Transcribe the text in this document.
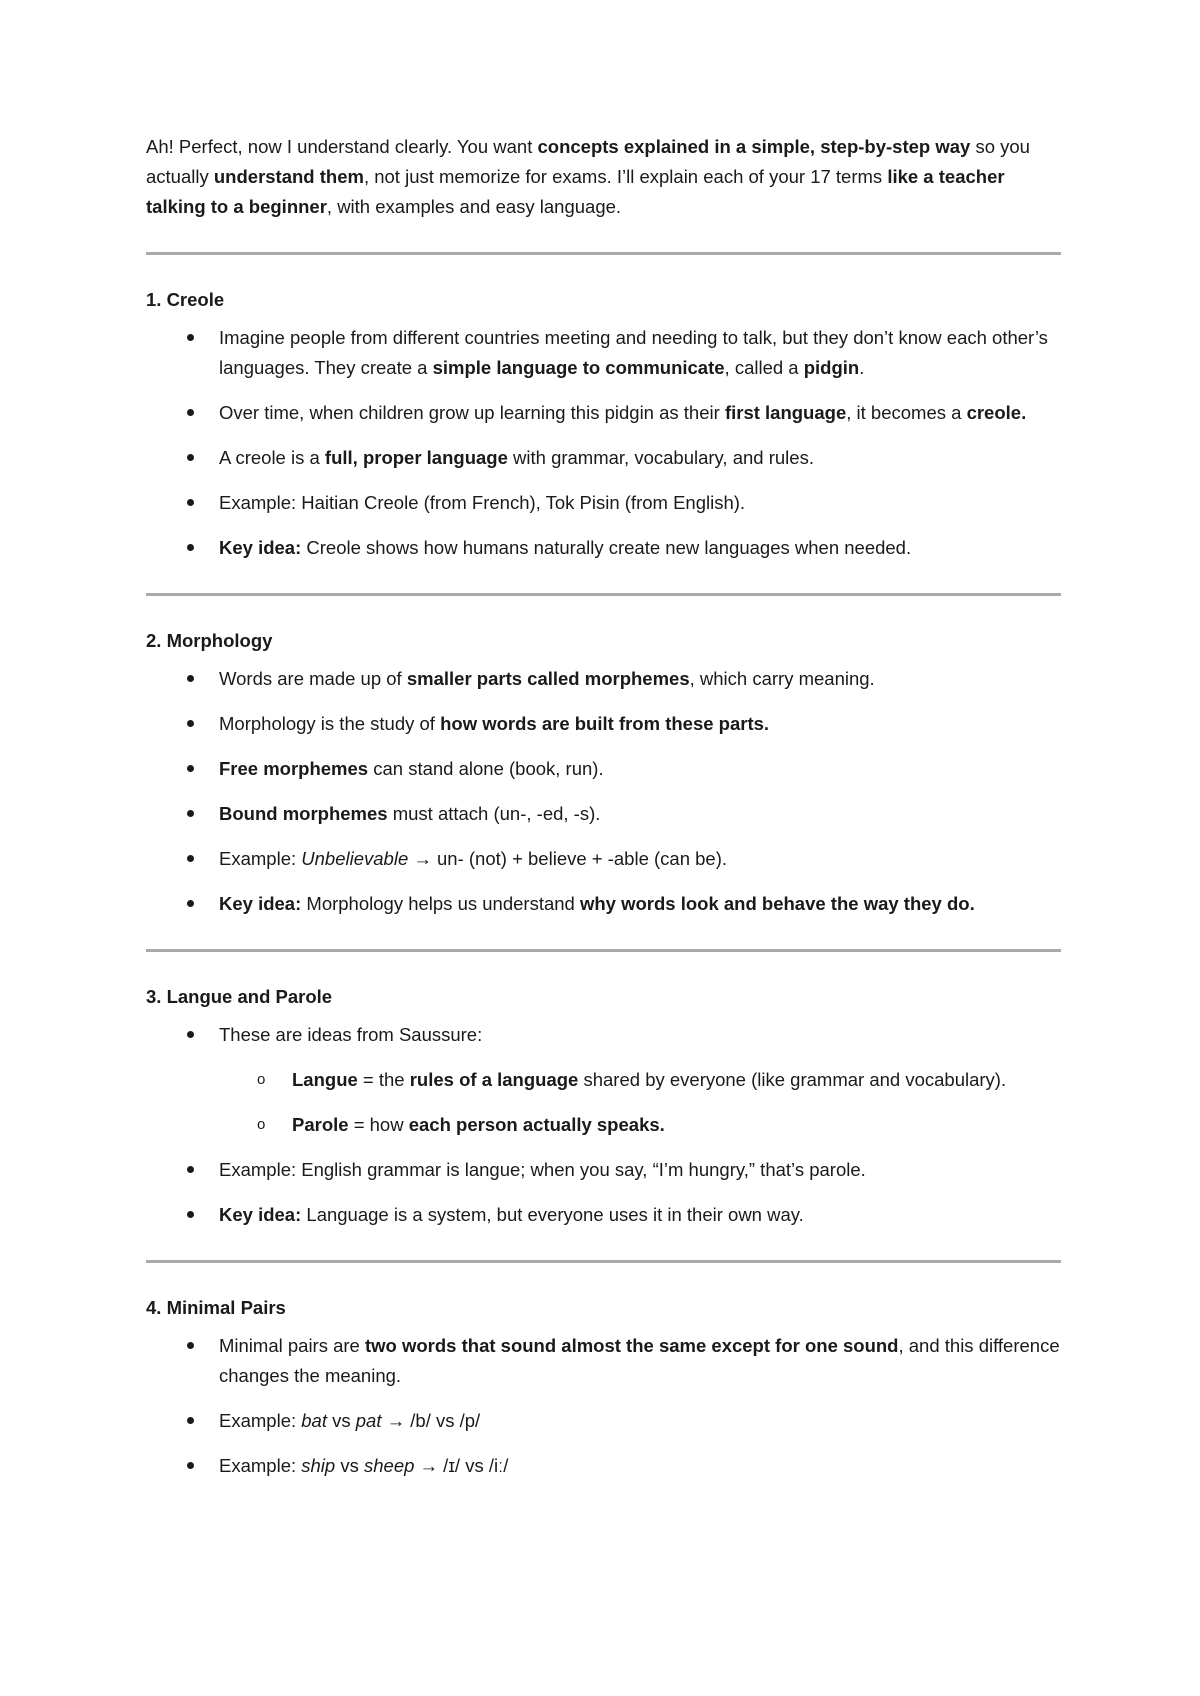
Ah! Perfect, now I understand clearly. You want concepts explained in a simple, step-by-step way so you actually understand them, not just memorize for exams. I’ll explain each of your 17 terms like a teacher talking to a beginner, with examples and easy language.

1. Creole

Imagine people from different countries meeting and needing to talk, but they don’t know each other’s languages. They create a simple language to communicate, called a pidgin.
Over time, when children grow up learning this pidgin as their first language, it becomes a creole.
A creole is a full, proper language with grammar, vocabulary, and rules.
Example: Haitian Creole (from French), Tok Pisin (from English).
Key idea: Creole shows how humans naturally create new languages when needed.

2. Morphology

Words are made up of smaller parts called morphemes, which carry meaning.
Morphology is the study of how words are built from these parts.
Free morphemes can stand alone (book, run).
Bound morphemes must attach (un-, -ed, -s).
Example: Unbelievable → un- (not) + believe + -able (can be).
Key idea: Morphology helps us understand why words look and behave the way they do.

3. Langue and Parole

These are ideas from Saussure:
o Langue = the rules of a language shared by everyone (like grammar and vocabulary).
o Parole = how each person actually speaks.
Example: English grammar is langue; when you say, “I’m hungry,” that’s parole.
Key idea: Language is a system, but everyone uses it in their own way.

4. Minimal Pairs

Minimal pairs are two words that sound almost the same except for one sound, and this difference changes the meaning.
Example: bat vs pat → /b/ vs /p/
Example: ship vs sheep → /ɪ/ vs /iː/
